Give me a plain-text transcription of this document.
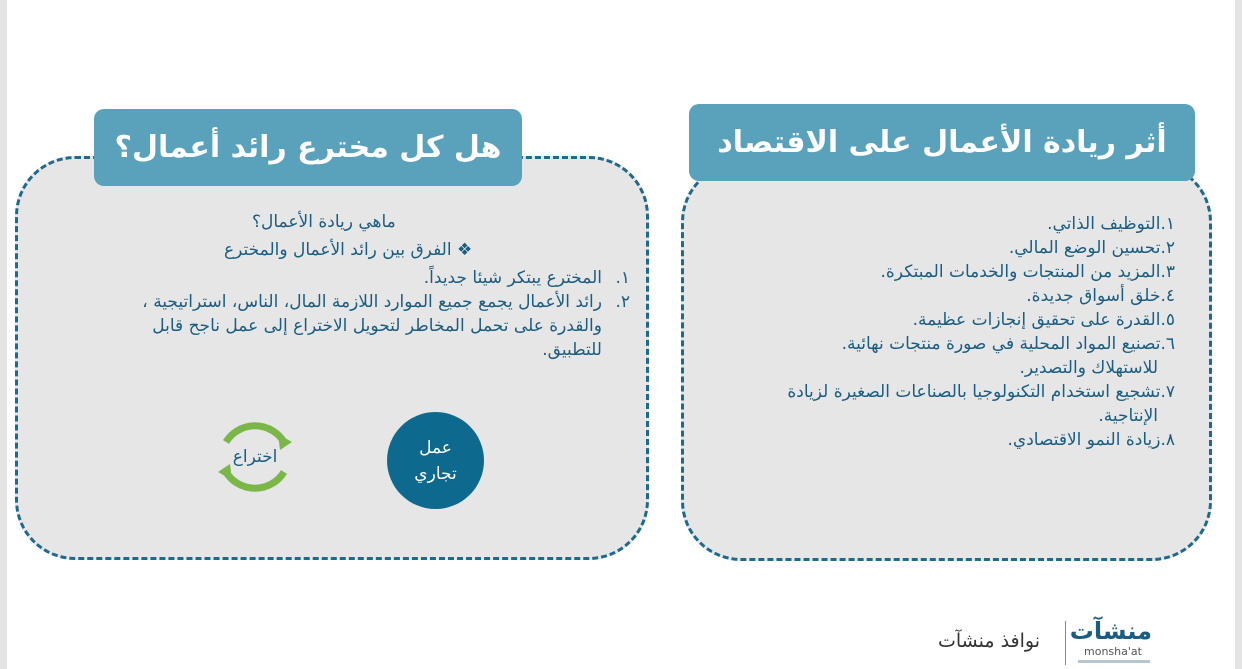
أثر ريادة الأعمال على الاقتصاد
١.
التوظيف الذاتي.
٢.
تحسين الوضع المالي.
٣.
المزيد من المنتجات والخدمات المبتكرة.
٤.
خلق أسواق جديدة.
٥.
القدرة على تحقيق إنجازات عظيمة.
٦.
تصنيع المواد المحلية في صورة منتجات نهائية.
للاستهلاك والتصدير.
٧.
تشجيع استخدام التكنولوجيا بالصناعات الصغيرة لزيادة
الإنتاجية.
٨.
زيادة النمو الاقتصادي.
هل كل مخترع رائد أعمال؟
ماهي ريادة الأعمال؟
❖ الفرق بين رائد الأعمال والمخترع
١.
المخترع يبتكر شيئا جديداً.
٢.
رائد الأعمال يجمع جميع الموارد اللازمة المال، الناس، استراتيجية ، والقدرة على تحمل المخاطر لتحويل الاختراع إلى عمل ناجح قابل للتطبيق.
عمل
تجاري
اختراع
نوافذ منشآت منشآت
monsha'at
